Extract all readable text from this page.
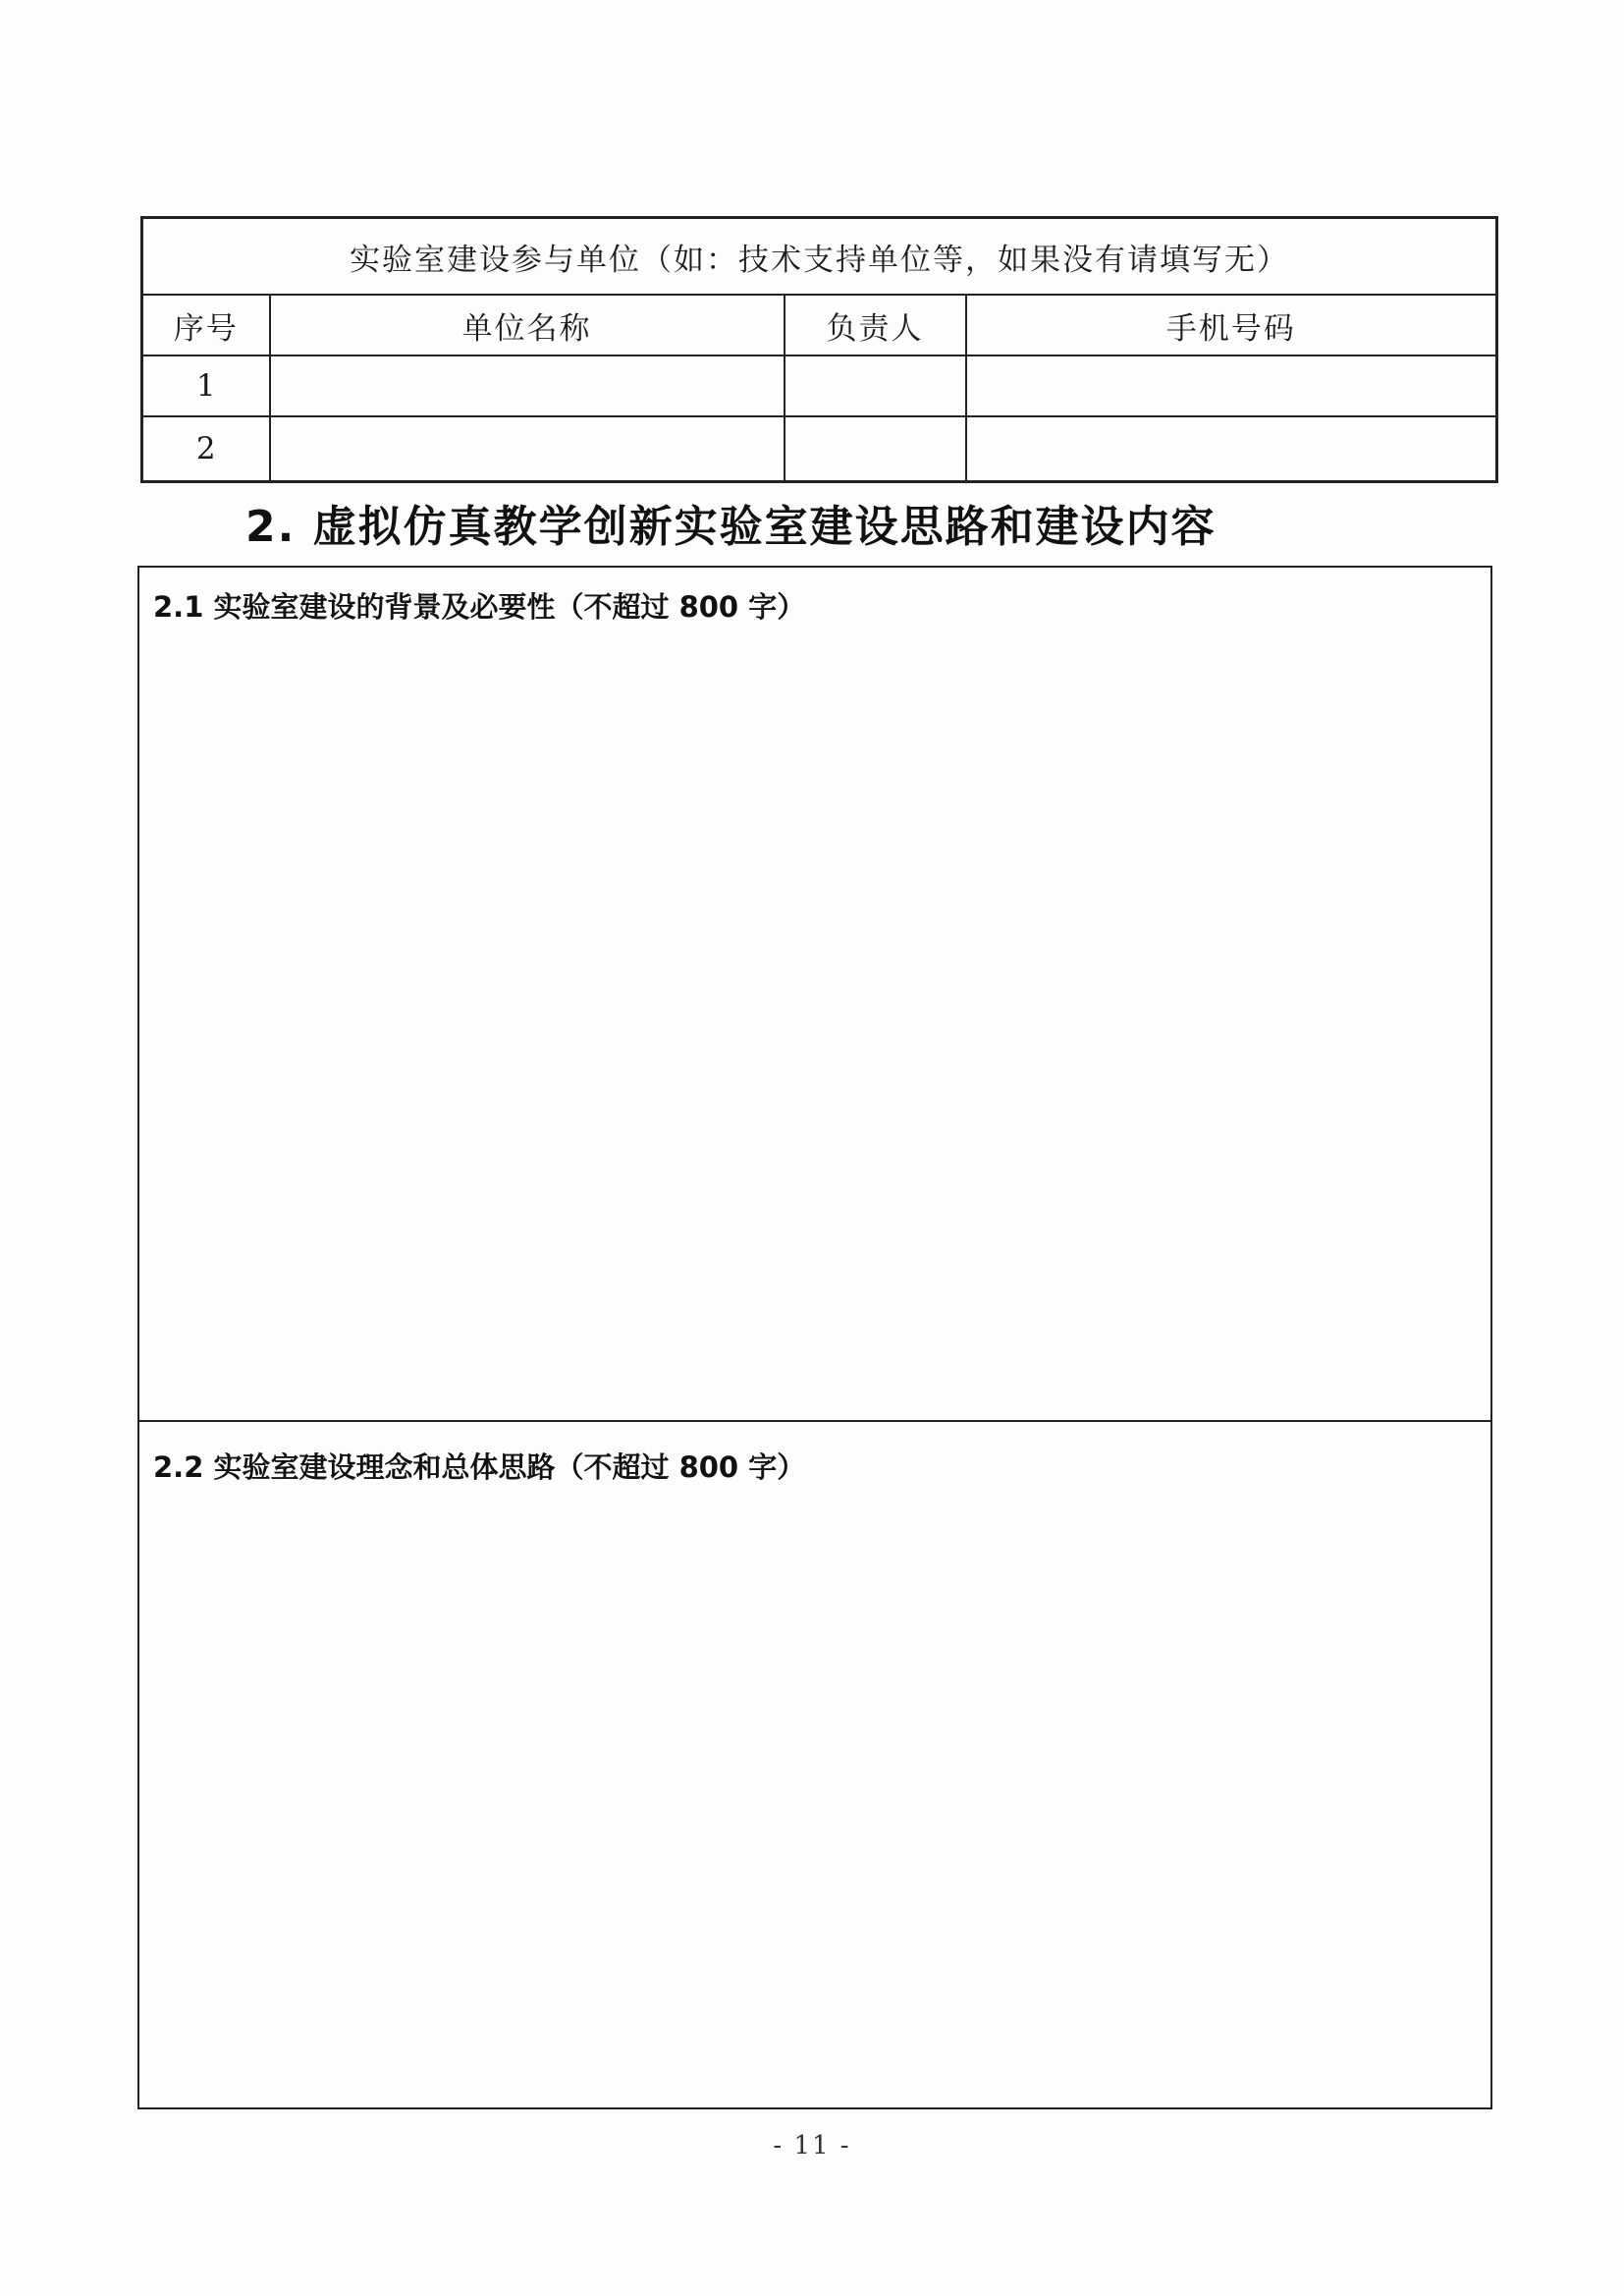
实验室建设参与单位（如：技术支持单位等，如果没有请填写无）			
序号	单位名称	负责人	手机号码
1			
2			
2. 虚拟仿真教学创新实验室建设思路和建设内容
2.1 实验室建设的背景及必要性（不超过 800 字）
2.2 实验室建设理念和总体思路（不超过 800 字）
- 11 -
